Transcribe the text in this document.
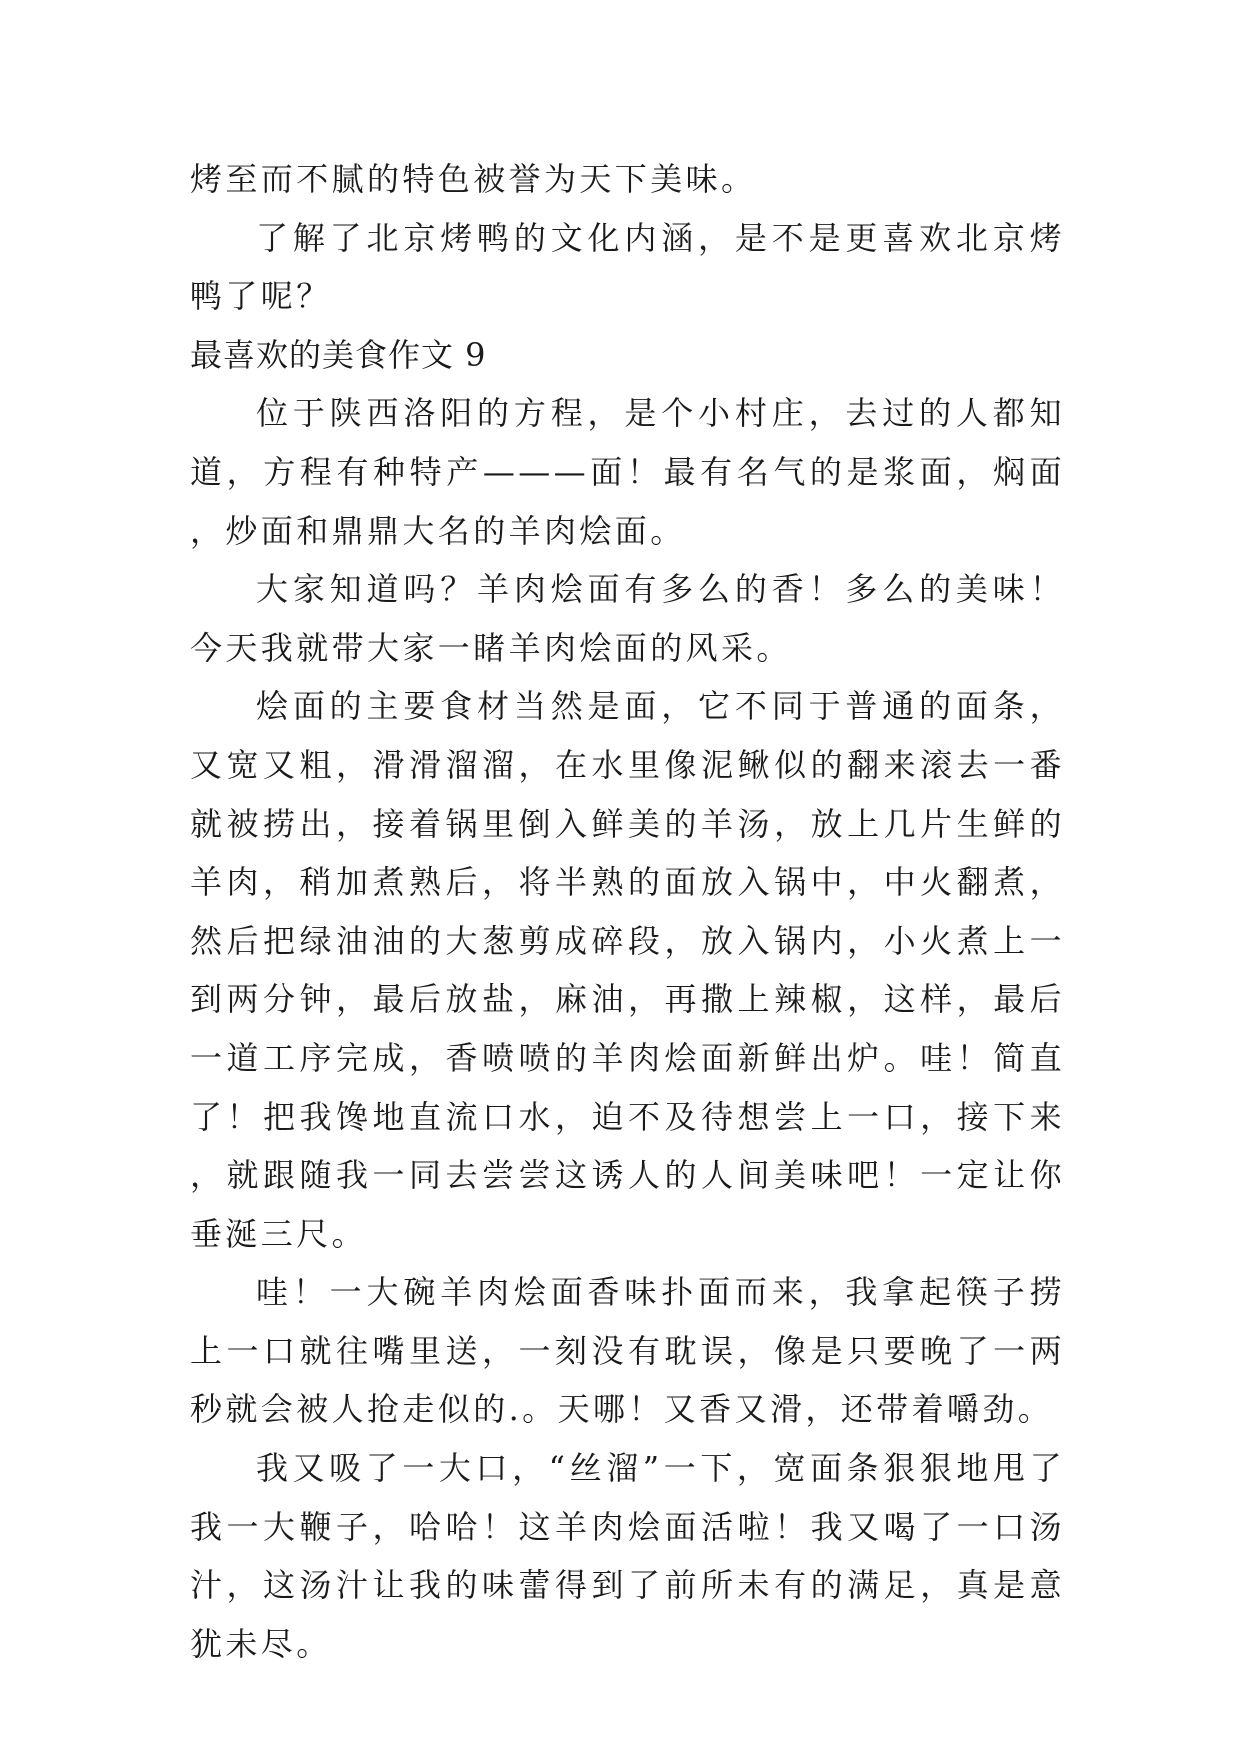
烤至而不腻的特色被誉为天下美味。

了解了北京烤鸭的文化内涵，是不是更喜欢北京烤鸭了呢？

最喜欢的美食作文 9

位于陕西洛阳的方程，是个小村庄，去过的人都知道，方程有种特产———面！最有名气的是浆面，焖面，炒面和鼎鼎大名的羊肉烩面。

大家知道吗？羊肉烩面有多么的香！多么的美味！今天我就带大家一睹羊肉烩面的风采。

烩面的主要食材当然是面，它不同于普通的面条，又宽又粗，滑滑溜溜，在水里像泥鳅似的翻来滚去一番就被捞出，接着锅里倒入鲜美的羊汤，放上几片生鲜的羊肉，稍加煮熟后，将半熟的面放入锅中，中火翻煮，然后把绿油油的大葱剪成碎段，放入锅内，小火煮上一到两分钟，最后放盐，麻油，再撒上辣椒，这样，最后一道工序完成，香喷喷的羊肉烩面新鲜出炉。哇！简直了！把我馋地直流口水，迫不及待想尝上一口，接下来，就跟随我一同去尝尝这诱人的人间美味吧！一定让你垂涎三尺。

哇！一大碗羊肉烩面香味扑面而来，我拿起筷子捞上一口就往嘴里送，一刻没有耽误，像是只要晚了一两秒就会被人抢走似的.。天哪！又香又滑，还带着嚼劲。

我又吸了一大口，“丝溜”一下，宽面条狠狠地甩了我一大鞭子，哈哈！这羊肉烩面活啦！我又喝了一口汤汁，这汤汁让我的味蕾得到了前所未有的满足，真是意犹未尽。
